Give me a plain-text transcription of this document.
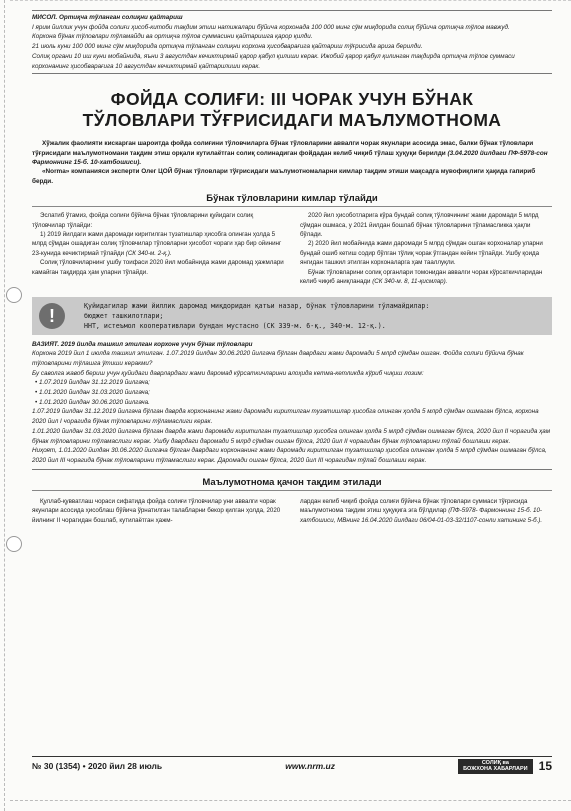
МИСОЛ. Ортиқча тўланган солиқни қайтариш

I ярим йиллик учун фойда солиғи ҳисоб-китоби тақдим этиш натижалари бўйича корхонада 100 000 минг сўм миқдорида солиқ бўйича ортиқча тўлов мавжуд.

Корхона бўнак тўловлари тўламайди ва ортиқча тўлов суммасини қайтаришга қарор қилди.

21 июль куни 100 000 минг сўм миқдорида ортиқча тўланган солиқни корхона ҳисобварағига қайтариш тўғрисида ариза берилди.

Солиқ органи 10 иш куни мобайнида, яъни 3 августдан кечиктирмай қарор қабул қилиши керак. Ижобий қарор қабул қилинган тақдирда ортиқча тўлов суммаси корхонанинг ҳисобварағига 10 августдан кечиктирмай қайтарилиши керак.

ФОЙДА СОЛИҒИ: III ЧОРАК УЧУН БЎНАК
ТЎЛОВЛАРИ ТЎҒРИСИДАГИ МАЪЛУМОТНОМА

Хўжалик фаолияти кискарган шароитда фойда солиғини тўловчиларга бўнак тўловларини аввалги чорак якунлари асосида эмас, балки бўнак тўловлари тўғрисидаги маълумотномани тақдим этиш орқали кутилаётган солиқ солинадиган фойдадан келиб чиқиб тўлаш ҳуқуқи берилди (3.04.2020 йилдаги ПФ-5978-сон Фармоннинг 15-б. 10-хатбошиси).

«Norma» компанияси эксперти Олег ЦОЙ бўнак тўловлари тўғрисидаги маълумотномаларни кимлар тақдим этиши мақсадга мувофиқлиги ҳақида гапириб берди.

Бўнак тўловларини кимлар тўлайди

Эслатиб ўтамиз, фойда солиғи бўйича бўнак тўловларини қуйидаги солиқ тўловчилар тўлайди:

1) 2019 йилдаги жами даромади киритилган тузатишлар ҳисобга олинган ҳолда 5 млрд сўмдан ошадиган солиқ тўловчилар тўловларни ҳисобот чораги ҳар бир ойининг 23-кунида кечиктирмай тўлайди (СК 340-м. 2-қ.).

Солиқ тўловчиларнинг ушбу тоифаси 2020 йил мобайнида жами даромад ҳажмлари камайган тақдирда ҳам уларни тўлайди.

2020 йил ҳисоботларига кўра бундай солиқ тўловчининг жами даромади 5 млрд сўмдан ошмаса, у 2021 йилдан бошлаб бўнак тўловларини тўламасликка ҳақли бўлади.

2) 2020 йил мобайнида жами даромади 5 млрд сўмдан ошган корхоналар уларни бундай ошиб кетиш содир бўлган тўлиқ чорак ўтгандан кейин тўлайди. Ушбу қоида янгидан ташкил этилган корхоналарга ҳам тааллуқли.

Бўнак тўловларини солиқ органлари томонидан аввалги чорак кўрсаткичларидан келиб чиқиб аниқланади (СК 340-м. 8, 11-қисмлар).

!	Қуйидагилар жами йиллик даромад миқдоридан қатъи назар, бўнак тўловларини тўламайдилар:
бюджет ташкилотлари;
ННТ, истеъмол кооперативлари бундан мустасно (СК 339-м. 6-қ., 340-м. 12-қ.).

ВАЗИЯТ. 2019 йилда ташкил этилган корхоне учун бўнак тўловлари

Корхона 2019 йил 1 июлда ташкил этилган. 1.07.2019 йилдан 30.06.2020 йилгача бўлган даврдаги жами даромади 5 млрд сўмдан ошган. Фойда солиғи бўйича бўнак тўловларини тўлашга ўтиши керакми?

Бу саволга жавоб бериш учун қуйидаги даврлардаги жами даромад кўрсаткичларини алоҳида кетма-кетликда кўриб чиқиш лозим:

• 1.07.2019 йилдан 31.12.2019 йилгача;

• 1.01.2020 йилдан 31.03.2020 йилгача;

• 1.01.2020 йилдан 30.06.2020 йилгача.

1.07.2019 йилдан 31.12.2019 йилгача бўлган даврда корхонанинг жами даромади киритилган тузатишлар ҳисобга олинган ҳолда 5 млрд сўмдан ошмаган бўлса, корхона 2020 йил I чорагида бўнак тўловларини тўламаслиги керак.

1.01.2020 йилдан 31.03.2020 йилгача бўлган даврда жами даромади киритилган тузатишлар ҳисобга олинган ҳолда 5 млрд сўмдан ошмаган бўлса, 2020 йил II чорагида ҳам бўнак тўловларини тўламаслиги керак. Ушбу даврдаги даромади 5 млрд сўмдан ошган бўлса, 2020 йил II чорагидан бўнак тўловларини тўлай бошлаши керак.

Ниҳоят, 1.01.2020 йилдан 30.06.2020 йилгача бўлган даврдаги корхонанинг жами даромади киритилган тузатишлар ҳисобга олинган ҳолда 5 млрд сўмдан ошмаган бўлса, 2020 йил III чорагида бўнак тўловларини тўламаслиги керак. Даромади ошган бўлса, 2020 йил III чорагидан тўлай бошлаши керак.

Маълумотнома қачон тақдим этилади

Қуллаб-қувватлаш чораси сифатида фойда солиғи тўловчилар уни аввалги чорак якунлари асосида ҳисоблаш бўйича ўрнатилган талабларни бекор қилган ҳолда, 2020 йилнинг II чорагидан бошлаб, кутилаётган ҳажм-

лардан келиб чиқиб фойда солиғи бўйича бўнак тўловлари суммаси тўғрисида маълумотнома тақдим этиш ҳуқуқига эга бўлдилар (ПФ-5978- Фармоннинг 15-б. 10-хатбошиси, МВнинг 16.04.2020 йилдаги 06/04-01-03-32/1107-сонли хатининг 5-б.).

№ 30 (1354) • 2020 йил 28 июль	www.nrm.uz	СОЛИҚ ва
БОЖХОНА ХАБАРЛАРИ 15
